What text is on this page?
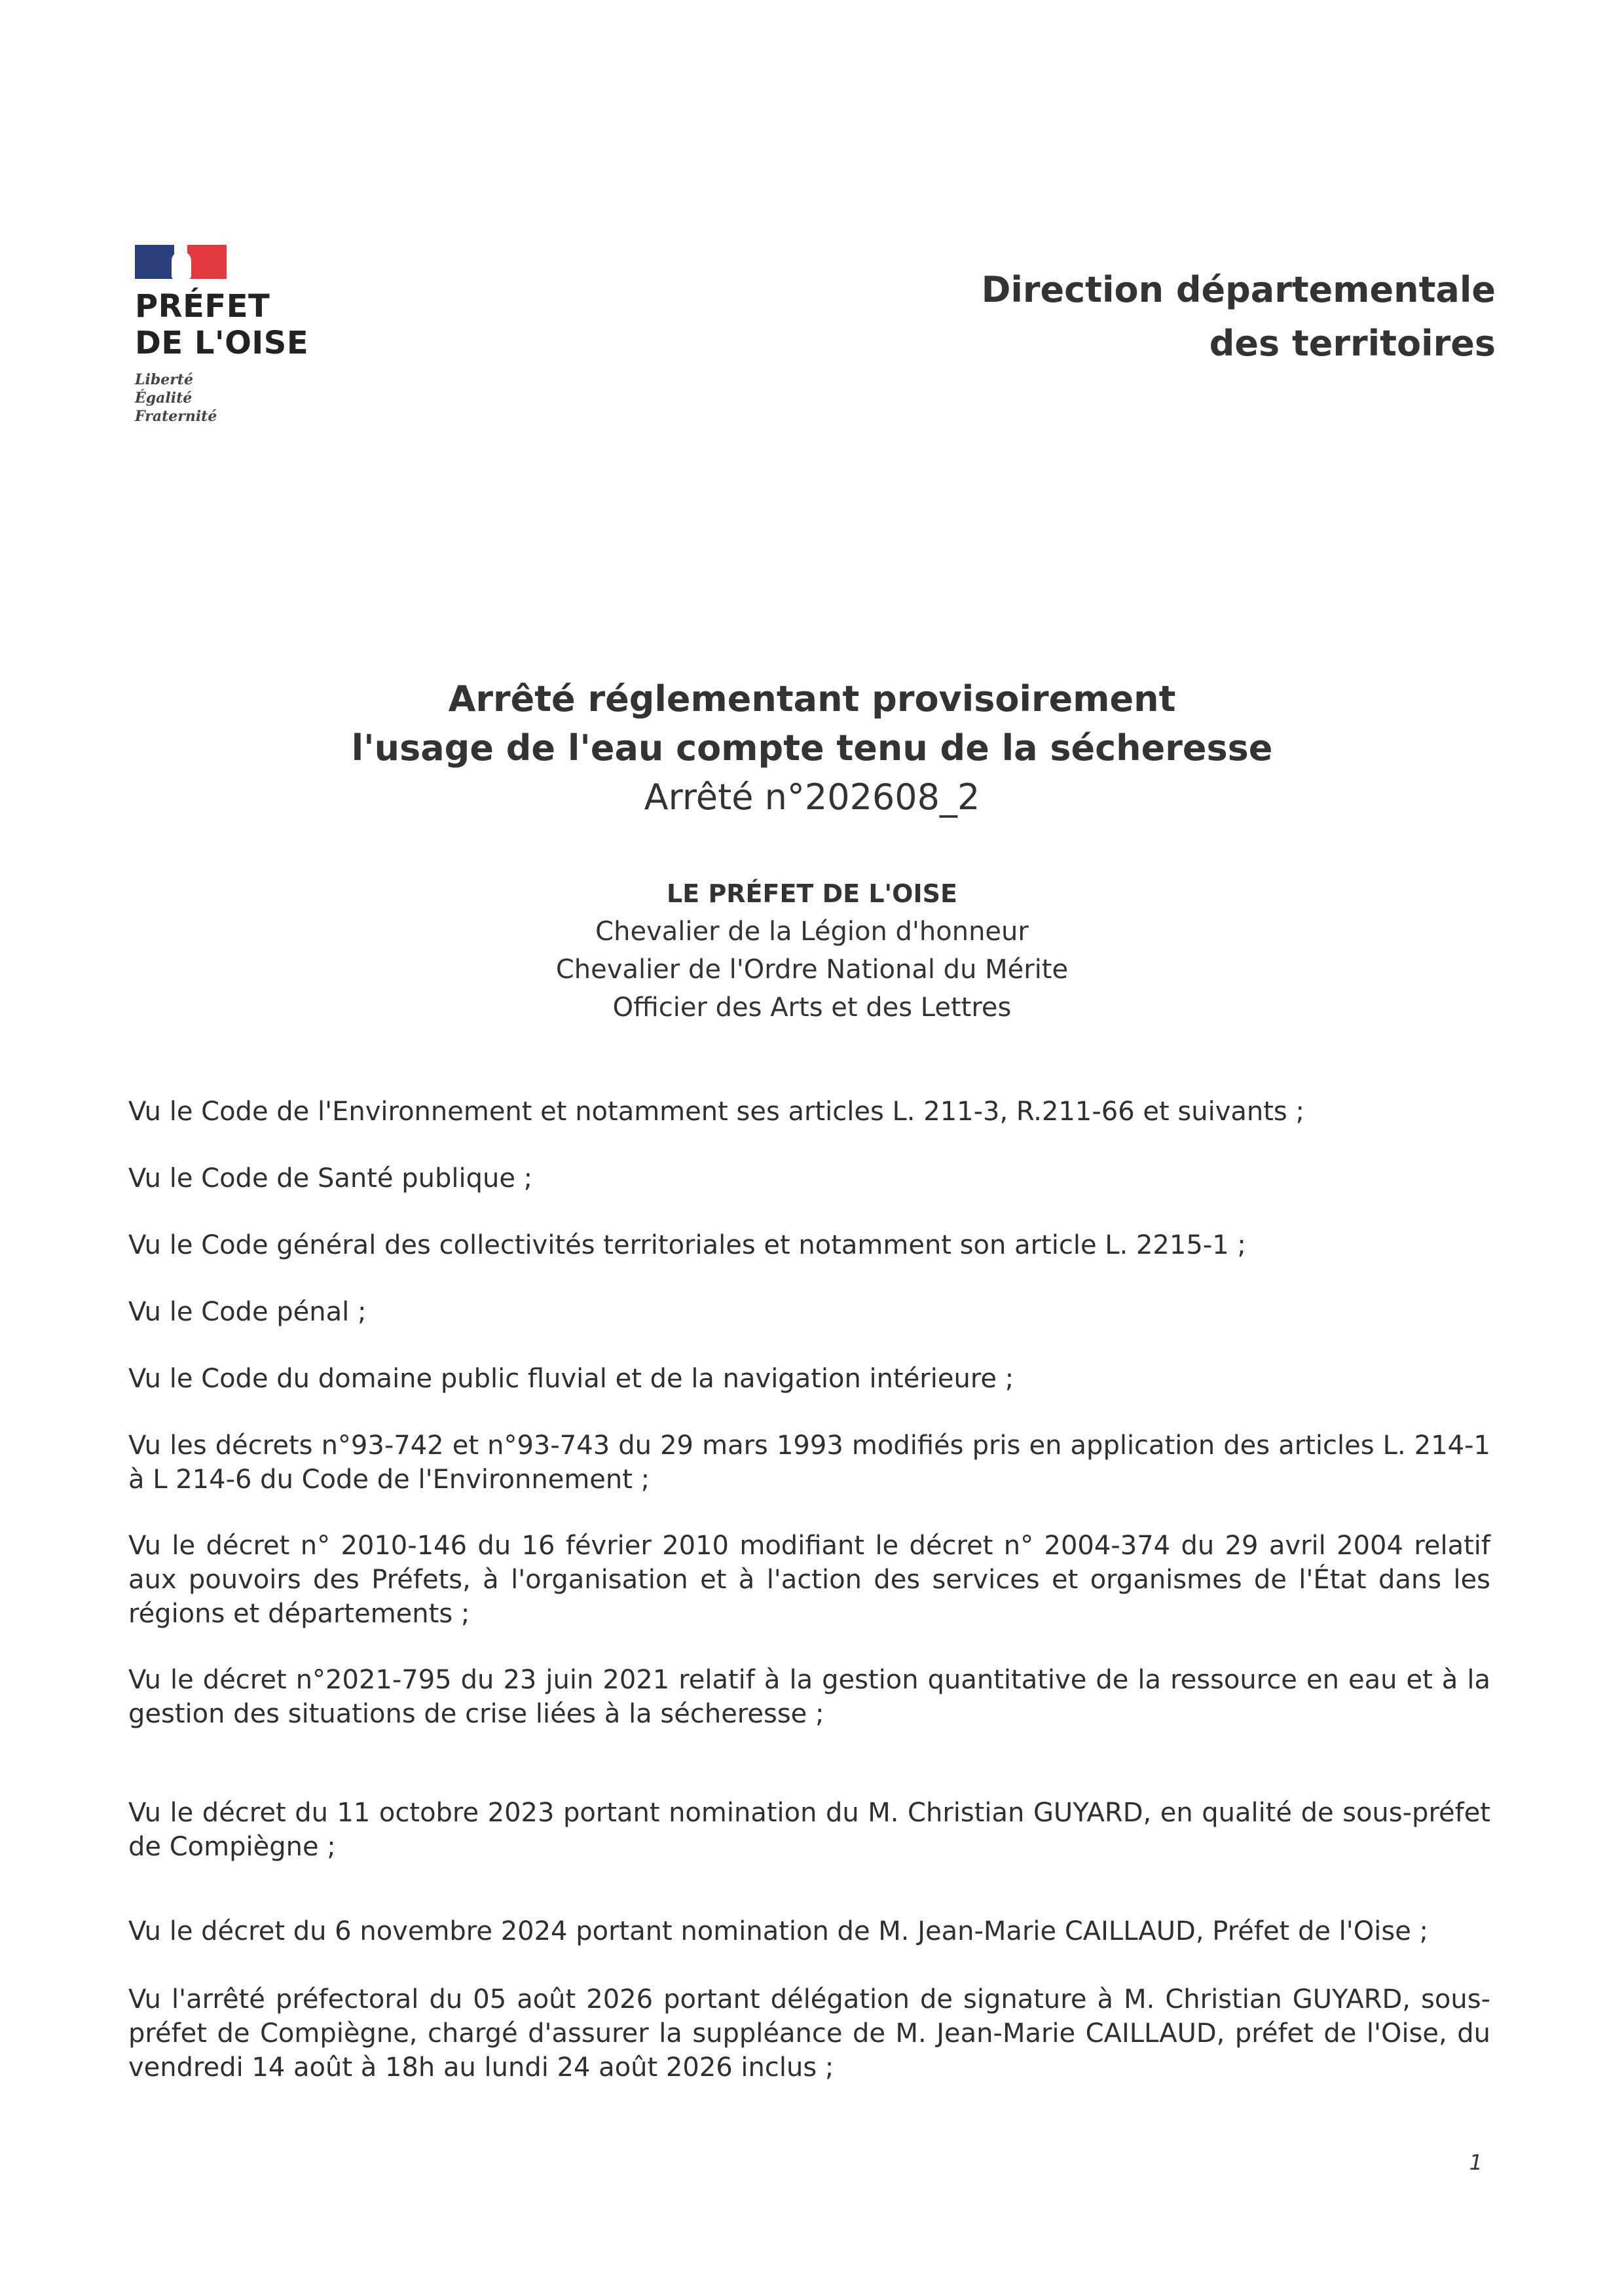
PRÉFET
DE L'OISE
Liberté
Égalité
Fraternité
Direction départementale
des territoires
Arrêté réglementant provisoirement
l'usage de l'eau compte tenu de la sécheresse
Arrêté n°202608_2
LE PRÉFET DE L'OISE
Chevalier de la Légion d'honneur
Chevalier de l'Ordre National du Mérite
Officier des Arts et des Lettres

Vu le Code de l'Environnement et notamment ses articles L. 211-3, R.211-66 et suivants ;

Vu le Code de Santé publique ;

Vu le Code général des collectivités territoriales et notamment son article L. 2215-1 ;

Vu le Code pénal ;

Vu le Code du domaine public fluvial et de la navigation intérieure ;

Vu les décrets n°93-742 et n°93-743 du 29 mars 1993 modifiés pris en application des articles L. 214-1 à L 214-6 du Code de l'Environnement ;

Vu le décret n° 2010-146 du 16 février 2010 modifiant le décret n° 2004-374 du 29 avril 2004 relatif aux pouvoirs des Préfets, à l'organisation et à l'action des services et organismes de l'État dans les régions et départements ;

Vu le décret n°2021-795 du 23 juin 2021 relatif à la gestion quantitative de la ressource en eau et à la gestion des situations de crise liées à la sécheresse ;

Vu le décret du 11 octobre 2023 portant nomination du M. Christian GUYARD, en qualité de sous-préfet de Compiègne ;

Vu le décret du 6 novembre 2024 portant nomination de M. Jean-Marie CAILLAUD, Préfet de l'Oise ;

Vu l'arrêté préfectoral du 05 août 2026 portant délégation de signature à M. Christian GUYARD, sous-préfet de Compiègne, chargé d'assurer la suppléance de M. Jean-Marie CAILLAUD, préfet de l'Oise, du vendredi 14 août à 18h au lundi 24 août 2026 inclus ;

1
